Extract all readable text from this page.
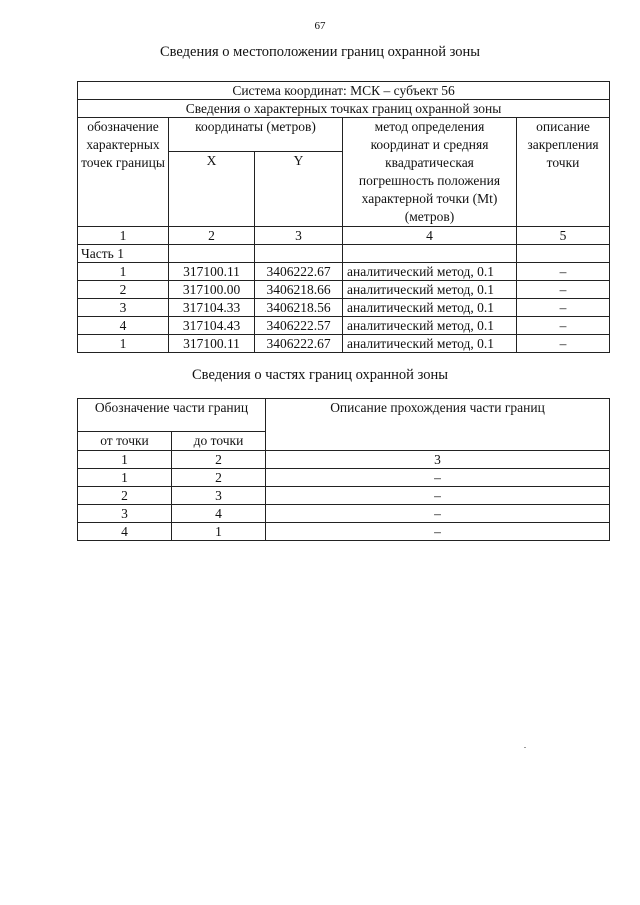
67
Сведения о местоположении границ охранной зоны
Система координат: МСК – субъект 56				
Сведения о характерных точках границ охранной зоны				
обозначение характерных точек границы	координаты (метров)		метод определения координат и средняя квадратическая погрешность положения характерной точки (Mt) (метров)	описание закрепления точки
	X	Y		
1	2	3	4	5
Часть 1				
1	317100.11	3406222.67	аналитический метод, 0.1	–
2	317100.00	3406218.66	аналитический метод, 0.1	–
3	317104.33	3406218.56	аналитический метод, 0.1	–
4	317104.43	3406222.57	аналитический метод, 0.1	–
1	317100.11	3406222.67	аналитический метод, 0.1	–
Сведения о частях границ охранной зоны
Обозначение части границ		Описание прохождения части границ
от точки	до точки	
1	2	3
1	2	–
2	3	–
3	4	–
4	1	–
